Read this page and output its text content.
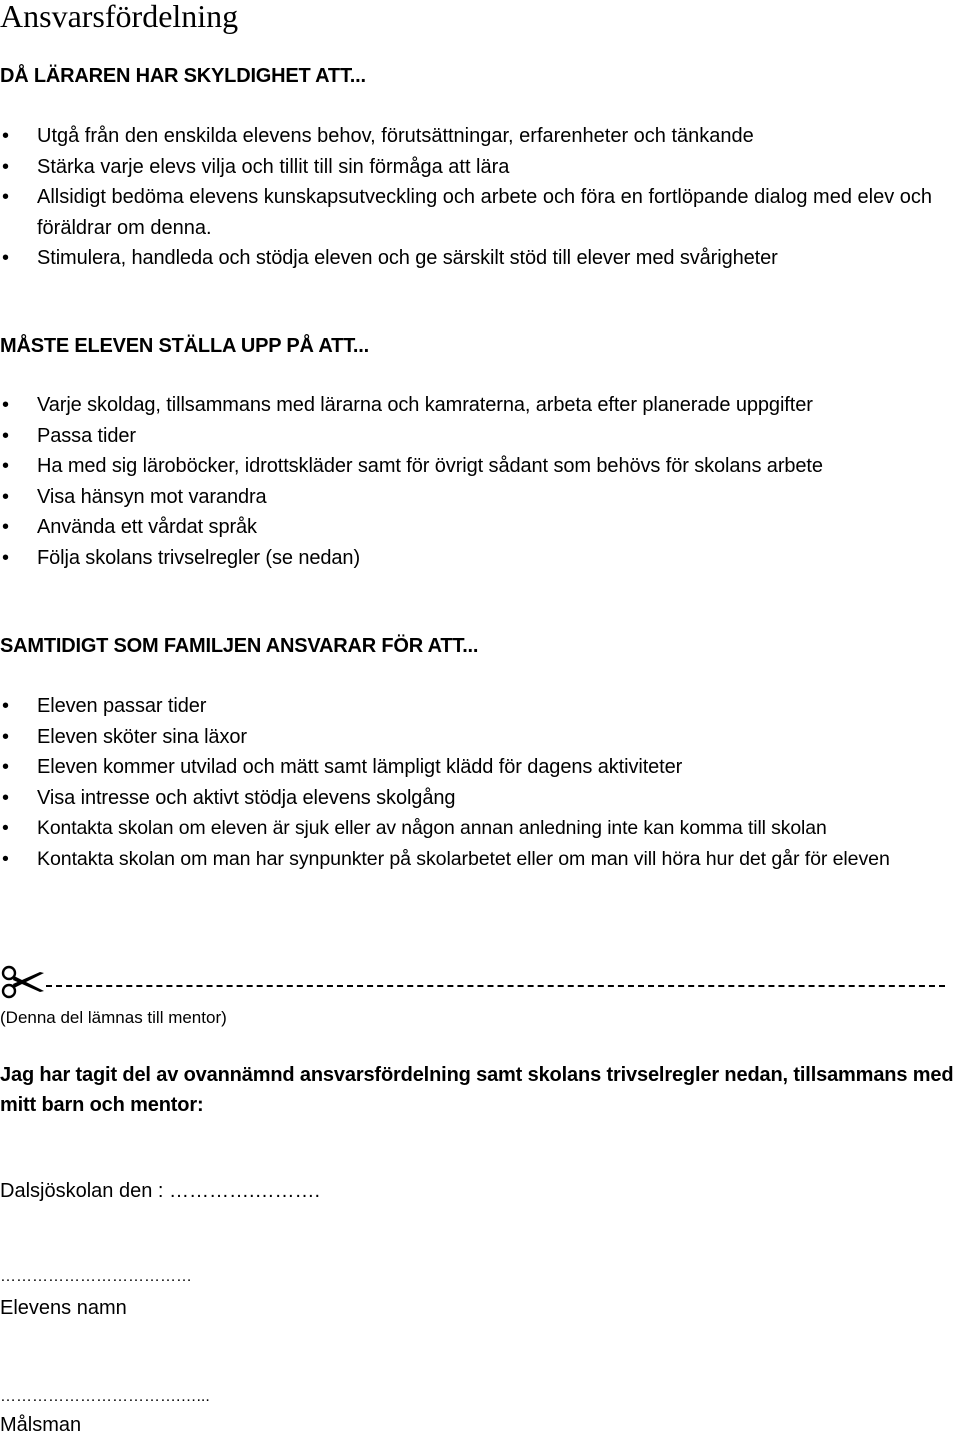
Ansvarsfördelning
DÅ LÄRAREN HAR SKYLDIGHET ATT...
• Utgå från den enskilda elevens behov, förutsättningar, erfarenheter och tänkande
• Stärka varje elevs vilja och tillit till sin förmåga att lära
• Allsidigt bedöma elevens kunskapsutveckling och arbete och föra en fortlöpande dialog med elev och föräldrar om denna.
• Stimulera, handleda och stödja eleven och ge särskilt stöd till elever med svårigheter
MÅSTE ELEVEN STÄLLA UPP PÅ ATT...
• Varje skoldag, tillsammans med lärarna och kamraterna, arbeta efter planerade uppgifter
• Passa tider
• Ha med sig läroböcker, idrottskläder samt för övrigt sådant som behövs för skolans arbete
• Visa hänsyn mot varandra
• Använda ett vårdat språk
• Följa skolans trivselregler (se nedan)
SAMTIDIGT SOM FAMILJEN ANSVARAR FÖR ATT...
• Eleven passar tider
• Eleven sköter sina läxor
• Eleven kommer utvilad och mätt samt lämpligt klädd för dagens aktiviteter
• Visa intresse och aktivt stödja elevens skolgång
• Kontakta skolan om eleven är sjuk eller av någon annan anledning inte kan komma till skolan
• Kontakta skolan om man har synpunkter på skolarbetet eller om man vill höra hur det går för eleven
(Denna del lämnas till mentor)
Jag har tagit del av ovannämnd ansvarsfördelning samt skolans trivselregler nedan, tillsammans med mitt barn och mentor:
Dalsjöskolan den : ………….……….
………………………………
Elevens namn
…………………………….…...
Målsman
